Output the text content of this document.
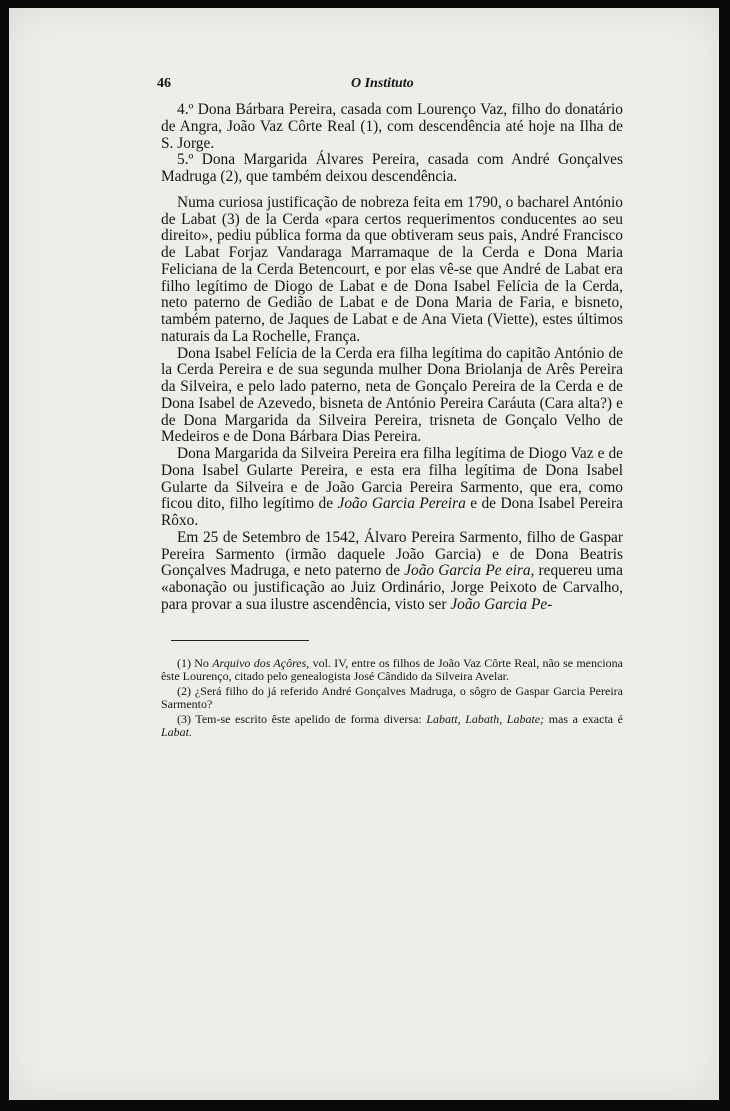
46	O Instituto

4.º Dona Bárbara Pereira, casada com Lourenço Vaz, filho do donatário de Angra, João Vaz Côrte Real (1), com descendência até hoje na Ilha de S. Jorge.

5.º Dona Margarida Álvares Pereira, casada com André Gonçalves Madruga (2), que também deixou descendência.

Numa curiosa justificação de nobreza feita em 1790, o bacharel António de Labat (3) de la Cerda «para certos requerimentos conducentes ao seu direito», pediu pública forma da que obtiveram seus pais, André Francisco de Labat Forjaz Vandaraga Marramaque de la Cerda e Dona Maria Feliciana de la Cerda Betencourt, e por elas vê-se que André de Labat era filho legítimo de Diogo de Labat e de Dona Isabel Felícia de la Cerda, neto paterno de Gedião de Labat e de Dona Maria de Faria, e bisneto, também paterno, de Jaques de Labat e de Ana Vieta (Viette), estes últimos naturais da La Rochelle, França.

Dona Isabel Felícia de la Cerda era filha legítima do capitão António de la Cerda Pereira e de sua segunda mulher Dona Briolanja de Arês Pereira da Silveira, e pelo lado paterno, neta de Gonçalo Pereira de la Cerda e de Dona Isabel de Azevedo, bisneta de António Pereira Caráuta (Cara alta?) e de Dona Margarida da Silveira Pereira, trisneta de Gonçalo Velho de Medeiros e de Dona Bárbara Dias Pereira.

Dona Margarida da Silveira Pereira era filha legítima de Diogo Vaz e de Dona Isabel Gularte Pereira, e esta era filha legítima de Dona Isabel Gularte da Silveira e de João Garcia Pereira Sarmento, que era, como ficou dito, filho legítimo de João Garcia Pereira e de Dona Isabel Pereira Rôxo.

Em 25 de Setembro de 1542, Álvaro Pereira Sarmento, filho de Gaspar Pereira Sarmento (irmão daquele João Garcia) e de Dona Beatris Gonçalves Madruga, e neto paterno de João Garcia Pe eira, requereu uma «abonação ou justificação ao Juiz Ordinário, Jorge Peixoto de Carvalho, para provar a sua ilustre ascendência, visto ser João Garcia Pe-

(1) No Arquivo dos Açôres, vol. IV, entre os filhos de João Vaz Côrte Real, não se menciona êste Lourenço, citado pelo genealogista José Cândido da Silveira Avelar.

(2) ¿Será filho do já referido André Gonçalves Madruga, o sôgro de Gaspar Garcia Pereira Sarmento?

(3) Tem-se escrito êste apelido de forma diversa: Labatt, Labath, Labate; mas a exacta é Labat.
